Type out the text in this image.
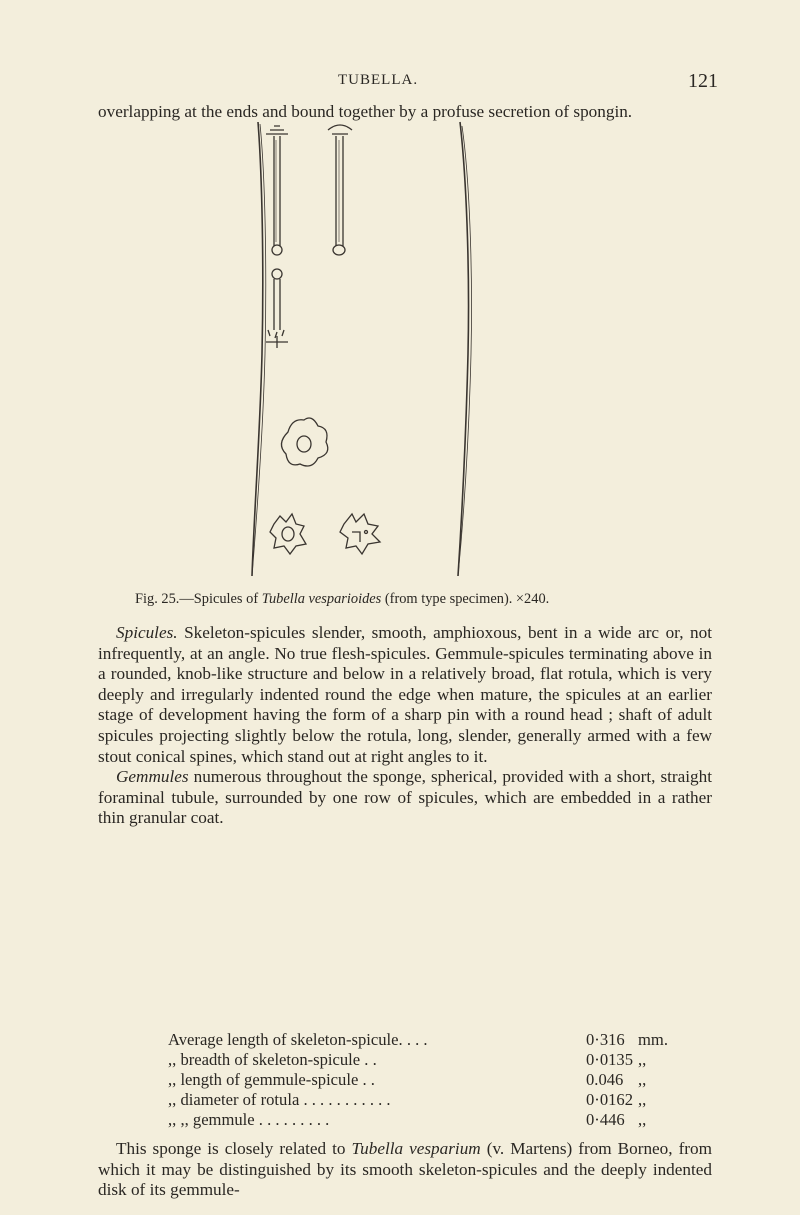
TUBELLA.	121

overlapping at the ends and bound together by a profuse secretion of spongin.

Fig. 25.—Spicules of Tubella vesparioides (from type specimen). ×240.

Spicules. Skeleton-spicules slender, smooth, amphioxous, bent in a wide arc or, not infrequently, at an angle. No true flesh-spicules. Gemmule-spicules terminating above in a rounded, knob-like structure and below in a relatively broad, flat rotula, which is very deeply and irregularly indented round the edge when mature, the spicules at an earlier stage of development having the form of a sharp pin with a round head ; shaft of adult spicules projecting slightly below the rotula, long, slender, generally armed with a few stout conical spines, which stand out at right angles to it.

Gemmules numerous throughout the sponge, spherical, provided with a short, straight foraminal tubule, surrounded by one row of spicules, which are embedded in a rather thin granular coat.

Average length of skeleton-spicule. . . .	0·316 mm.
,, breadth of skeleton-spicule . .	0·0135 ,,
,, length of gemmule-spicule . .	0.046 ,,
,, diameter of rotula . . . . . . . . . . .	0·0162 ,,
,, ,, gemmule . . . . . . . . .	0·446 ,,

This sponge is closely related to Tubella vesparium (v. Martens) from Borneo, from which it may be distinguished by its smooth skeleton-spicules and the deeply indented disk of its gemmule-
